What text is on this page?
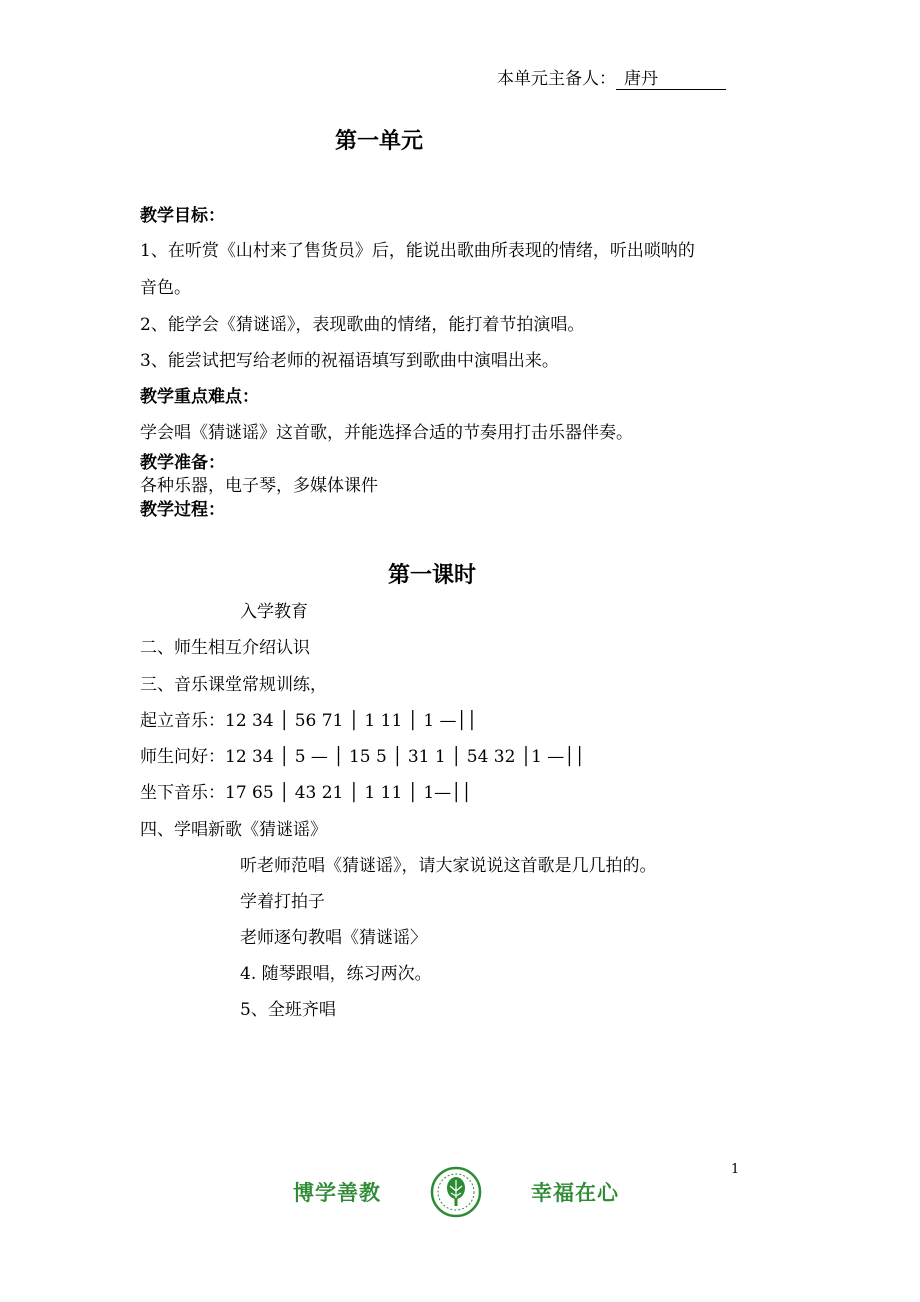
本单元主备人： 唐丹
第一单元
教学目标：
1、在听赏《山村来了售货员》后，能说出歌曲所表现的情绪，听出唢呐的
音色。
2、能学会《猜谜谣》，表现歌曲的情绪，能打着节拍演唱。
3、能尝试把写给老师的祝福语填写到歌曲中演唱出来。
教学重点难点：
学会唱《猜谜谣》这首歌，并能选择合适的节奏用打击乐器伴奏。
教学准备：
各种乐器，电子琴，多媒体课件
教学过程：
第一课时
入学教育
二、师生相互介绍认识
三、音乐课堂常规训练，
起立音乐：12 34 │ 56 71 │ 1 11 │ 1 —││
师生问好：12 34 │ 5 — │ 15 5 │ 31 1 │ 54 32 │1 —││
坐下音乐：17 65 │ 43 21 │ 1 11 │ 1—││
四、学唱新歌《猜谜谣》
听老师范唱《猜谜谣》，请大家说说这首歌是几几拍的。
学着打拍子
老师逐句教唱《猜谜谣〉
4. 随琴跟唱，练习两次。
5、全班齐唱
1
博学善教	幸福在心
